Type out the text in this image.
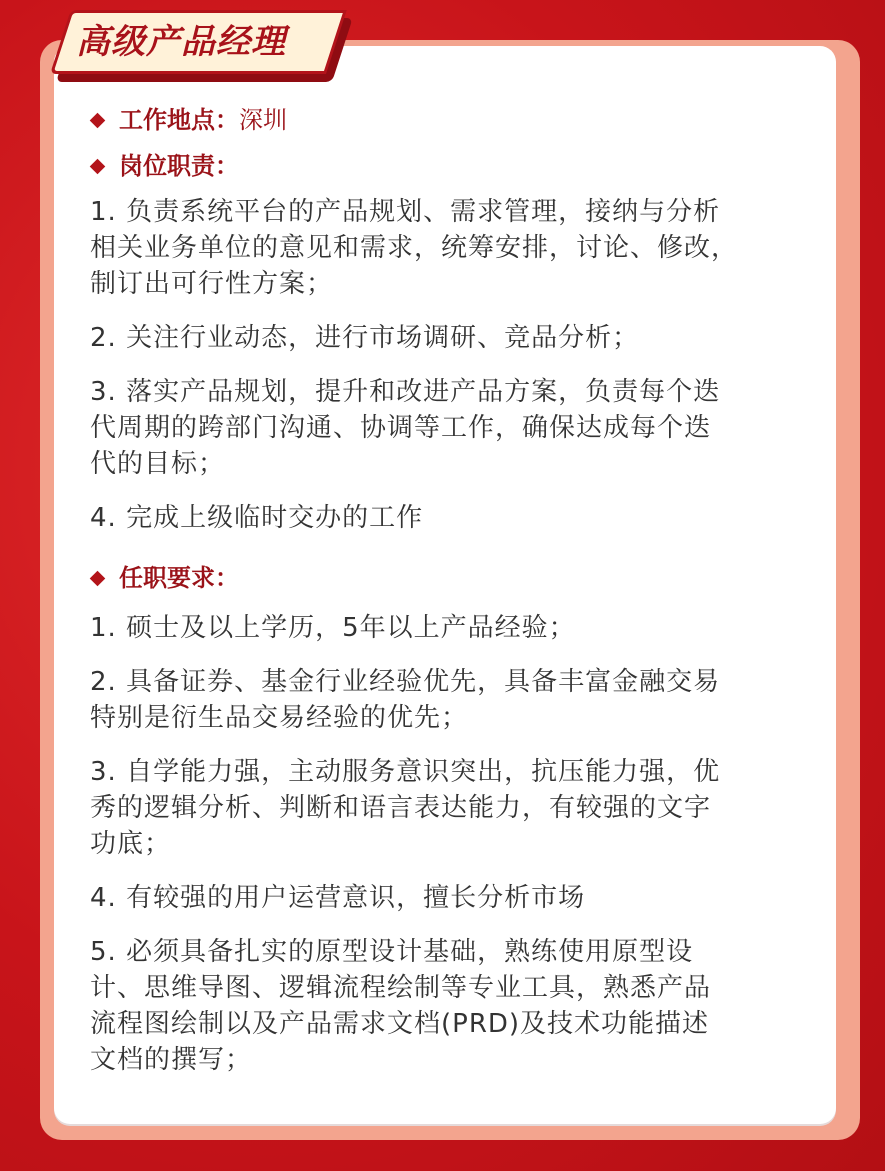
高级产品经理
工作地点： 深圳
岗位职责：

1. 负责系统平台的产品规划、需求管理，接纳与分析
相关业务单位的意见和需求，统筹安排，讨论、修改，
制订出可行性方案；

2. 关注行业动态，进行市场调研、竞品分析；

3. 落实产品规划，提升和改进产品方案，负责每个迭
代周期的跨部门沟通、协调等工作，确保达成每个迭
代的目标；

4. 完成上级临时交办的工作

任职要求：

1. 硕士及以上学历，5年以上产品经验；

2. 具备证券、基金行业经验优先，具备丰富金融交易
特别是衍生品交易经验的优先；

3. 自学能力强，主动服务意识突出，抗压能力强，优
秀的逻辑分析、判断和语言表达能力，有较强的文字
功底；

4. 有较强的用户运营意识，擅长分析市场

5. 必须具备扎实的原型设计基础，熟练使用原型设
计、思维导图、逻辑流程绘制等专业工具，熟悉产品
流程图绘制以及产品需求文档(PRD)及技术功能描述
文档的撰写；
